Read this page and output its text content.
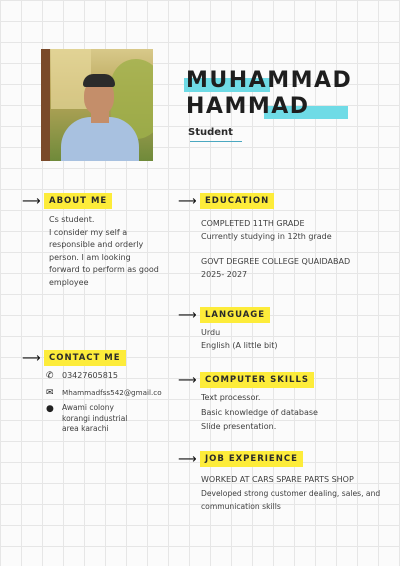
MUHAMMAD
HAMMAD
Student
⟶ ABOUT ME
Cs student.
I consider my self a responsible and orderly person. I am looking forward to perform as good employee
⟶ CONTACT ME
✆	03427605815
✉	Mhammadfss542@gmail.co
●	Awami colony

korangi industrial

area karachi

⟶ EDUCATION

COMPLETED 11TH GRADE

Currently studying in 12th grade

GOVT DEGREE COLLEGE QUAIDABAD

2025- 2027

⟶ LANGUAGE

Urdu

English (A little bit)

⟶ COMPUTER SKILLS

Text processor.

Basic knowledge of database

Slide presentation.

⟶ JOB EXPERIENCE
WORKED AT CARS SPARE PARTS SHOP
Developed strong customer dealing, sales, and communication skills
